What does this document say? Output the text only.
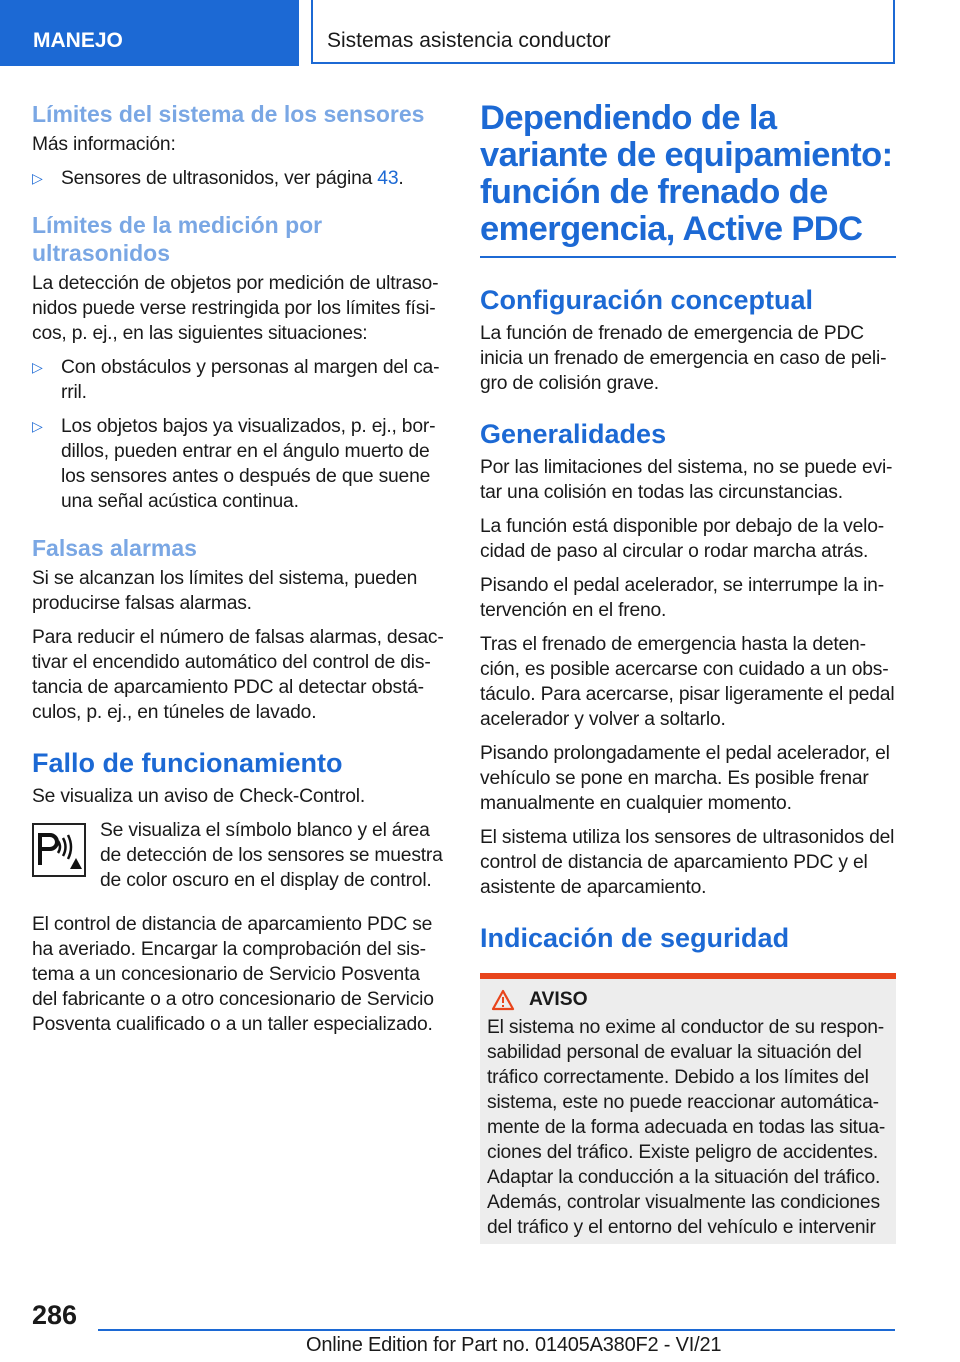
MANEJO	Sistemas asistencia conductor
Límites del sistema de los sensores

Más información:

▷ Sensores de ultrasonidos, ver página 43.
Límites de la medición por ultrasonidos

La detección de objetos por medición de ultrasonidos puede verse restringida por los límites físicos, p. ej., en las siguientes situaciones:

▷ Con obstáculos y personas al margen del carril.
▷ Los objetos bajos ya visualizados, p. ej., bordillos, pueden entrar en el ángulo muerto de los sensores antes o después de que suene una señal acústica continua.
Falsas alarmas

Si se alcanzan los límites del sistema, pueden producirse falsas alarmas.

Para reducir el número de falsas alarmas, desactivar el encendido automático del control de distancia de aparcamiento PDC al detectar obstáculos, p. ej., en túneles de lavado.

Fallo de funcionamiento

Se visualiza un aviso de Check-Control.

Se visualiza el símbolo blanco y el área de detección de los sensores se muestra de color oscuro en el display de control.

El control de distancia de aparcamiento PDC se ha averiado. Encargar la comprobación del sistema a un concesionario de Servicio Posventa del fabricante o a otro concesionario de Servicio Posventa cualificado o a un taller especializado.

Dependiendo de la variante de equipamiento: función de frenado de emergencia, Active PDC
Configuración conceptual

La función de frenado de emergencia de PDC inicia un frenado de emergencia en caso de peligro de colisión grave.

Generalidades

Por las limitaciones del sistema, no se puede evitar una colisión en todas las circunstancias.

La función está disponible por debajo de la velocidad de paso al circular o rodar marcha atrás.

Pisando el pedal acelerador, se interrumpe la intervención en el freno.

Tras el frenado de emergencia hasta la detención, es posible acercarse con cuidado a un obstáculo. Para acercarse, pisar ligeramente el pedal acelerador y volver a soltarlo.

Pisando prolongadamente el pedal acelerador, el vehículo se pone en marcha. Es posible frenar manualmente en cualquier momento.

El sistema utiliza los sensores de ultrasonidos del control de distancia de aparcamiento PDC y el asistente de aparcamiento.

Indicación de seguridad
AVISO

El sistema no exime al conductor de su responsabilidad personal de evaluar la situación del tráfico correctamente. Debido a los límites del sistema, este no puede reaccionar automáticamente de la forma adecuada en todas las situaciones del tráfico. Existe peligro de accidentes. Adaptar la conducción a la situación del tráfico. Además, controlar visualmente las condiciones del tráfico y el entorno del vehículo e intervenir

286
Online Edition for Part no. 01405A380F2 - VI/21
